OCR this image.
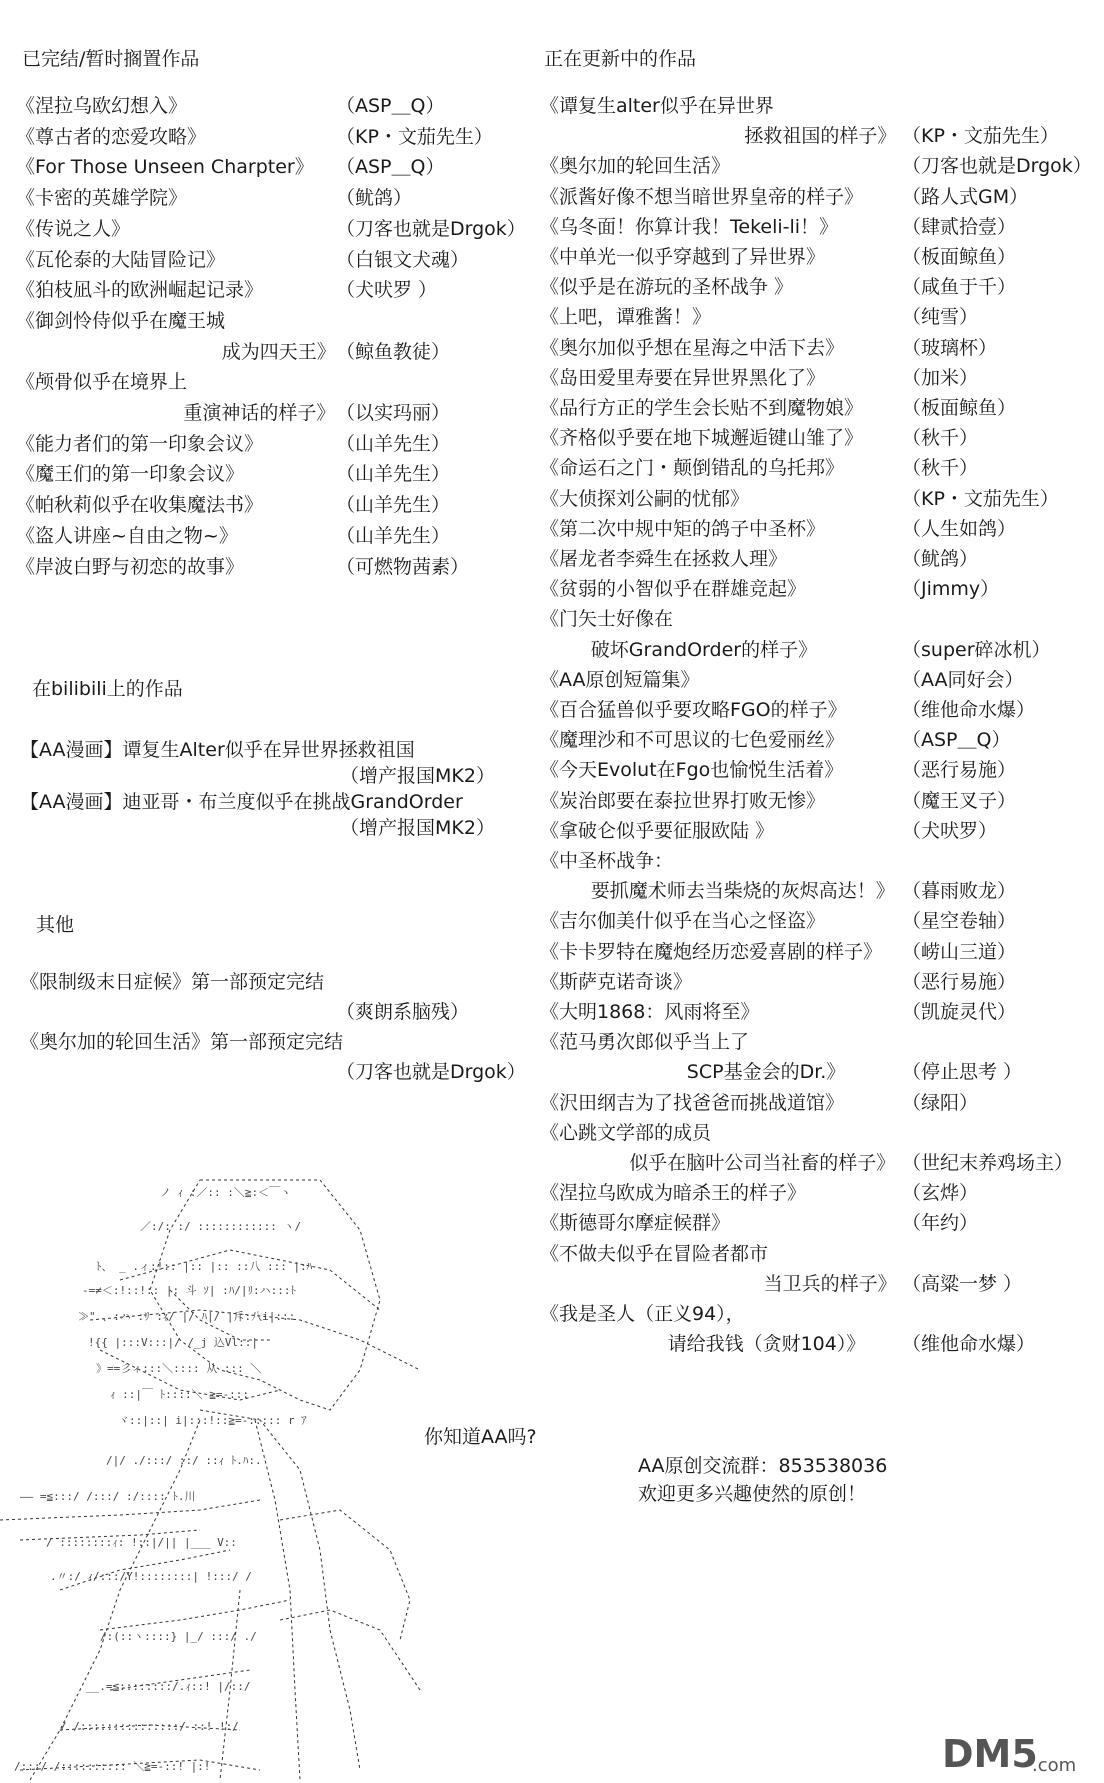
已完结/暂时搁置作品
《涅拉乌欧幻想入》	（ASP＿Q）
《尊古者的恋爱攻略》	（KP・文茄先生）
《For Those Unseen Charpter》 （ASP＿Q）
《卡密的英雄学院》	（鱿鸽）
《传说之人》	（刀客也就是Drgok）
《瓦伦泰的大陆冒险记》	（白银文犬魂）
《狛枝凪斗的欧洲崛起记录》	（犬吠罗 ）
《御剑怜侍似乎在魔王城
成为四天王》 （鲸鱼教徒）
《颅骨似乎在境界上
重演神话的样子》 （以实玛丽）
《能力者们的第一印象会议》	（山羊先生）
《魔王们的第一印象会议》	（山羊先生）
《帕秋莉似乎在收集魔法书》	（山羊先生）
《盗人讲座~自由之物~》	（山羊先生）
《岸波白野与初恋的故事》	（可燃物茜素）
在bilibili上的作品
【AA漫画】谭复生Alter似乎在异世界拯救祖国
（增产报国MK2）
【AA漫画】迪亚哥・布兰度似乎在挑战GrandOrder
（增产报国MK2）
其他
《限制级末日症候》第一部预定完结
（爽朗系脑残）
《奥尔加的轮回生活》第一部预定完结
（刀客也就是Drgok）
正在更新中的作品
《谭复生alter似乎在异世界
拯救祖国的样子》 （KP・文茄先生）
《奥尔加的轮回生活》	（刀客也就是Drgok）
《派酱好像不想当暗世界皇帝的样子》 （路人式GM）
《乌冬面！你算计我！Tekeli-li！》	（肆贰拾壹）
《中单光一似乎穿越到了异世界》	（板面鲸鱼）
《似乎是在游玩的圣杯战争 》	（咸鱼于千）
《上吧，谭雅酱！》	（纯雪）
《奥尔加似乎想在星海之中活下去》	（玻璃杯）
《岛田爱里寿要在异世界黑化了》	（加米）
《品行方正的学生会长贴不到魔物娘》 （板面鲸鱼）
《齐格似乎要在地下城邂逅键山雏了》 （秋千）
《命运石之门・颠倒错乱的乌托邦》	（秋千）
《大侦探刘公嗣的忧郁》	（KP・文茄先生）
《第二次中规中矩的鸽子中圣杯》	（人生如鸽）
《屠龙者李舜生在拯救人理》	（鱿鸽）
《贫弱的小智似乎在群雄竞起》	（Jimmy）
《门矢士好像在
破坏GrandOrder的样子》	（super碎冰机）
《AA原创短篇集》	（AA同好会）
《百合猛兽似乎要攻略FGO的样子》	（维他命水爆）
《魔理沙和不可思议的七色爱丽丝》	（ASP＿Q）
《今天Evolut在Fgo也愉悦生活着》	（恶行易施）
《炭治郎要在泰拉世界打败无惨》	（魔王叉子）
《拿破仑似乎要征服欧陆 》	（犬吠罗）
《中圣杯战争：
要抓魔术师去当柴烧的灰烬高达！》 （暮雨败龙）
《吉尔伽美什似乎在当心之怪盗》	（星空卷轴）
《卡卡罗特在魔炮经历恋爱喜剧的样子》 （崂山三道）
《斯萨克诺奇谈》	（恶行易施）
《大明1868：风雨将至》	（凯旋灵代）
《范马勇次郎似乎当上了
SCP基金会的Dr.》	（停止思考 ）
《沢田纲吉为了找爸爸而挑战道馆》	（绿阳）
《心跳文学部的成员
似乎在脑叶公司当社畜的样子》 （世纪末养鸡场主）
《涅拉乌欧成为暗杀王的样子》	（玄烨）
《斯德哥尔摩症候群》	（年约）
《不做夫似乎在冒险者都市
当卫兵的样子》 （高粱一梦 ）
《我是圣人（正义94），
请给我钱（贪财104）》 （维他命水爆）
ノ ｨ :／:: :＼≧:＜￣ヽ
／:/: :/ :::::::::::: ヽ/
ﾄ、 _ .ィ:!:: |:: |:: ::八 ::: |:ﾊ
-=≠＜:!::!:: |: 斗 ｿ| :ﾊ/|ﾘ:ハ:::ﾄ
≫" 、:ハ :ﾘ :ｨ/ |/ ﾊ|/ |斥:八i|:::
!{{ |:::V:::|/ /_j 込Vl::|
》==彡ィ:::＼:::: 从 ::: ＼
ｨ ::|￣ ﾄ::::＼ ≧=-:::
ヾ::|::| i|:::!::≧=-::::: r ｱ
/|/ ./:::/ ::/ ::ｨ ﾄ.ﾊ:.
—— =≦:::/ /:::/ :/:::: ﾄ.川
/ ::::::::ｨ: !::|/|| |___ V::
.〃:/ ｨ/:::/Y!::::::::| !:::/ /
/:(::ヽ::::} |_/ :::/ ./
__.=≦::::::::/.ｨ::! |/::/
/ /:::::::::::::::/ ::! !:/
/:::/ /:::::::::: ＼≧=-::! |:!
你知道AA吗?
AA原创交流群：853538036
欢迎更多兴趣使然的原创！
DM5
.com
